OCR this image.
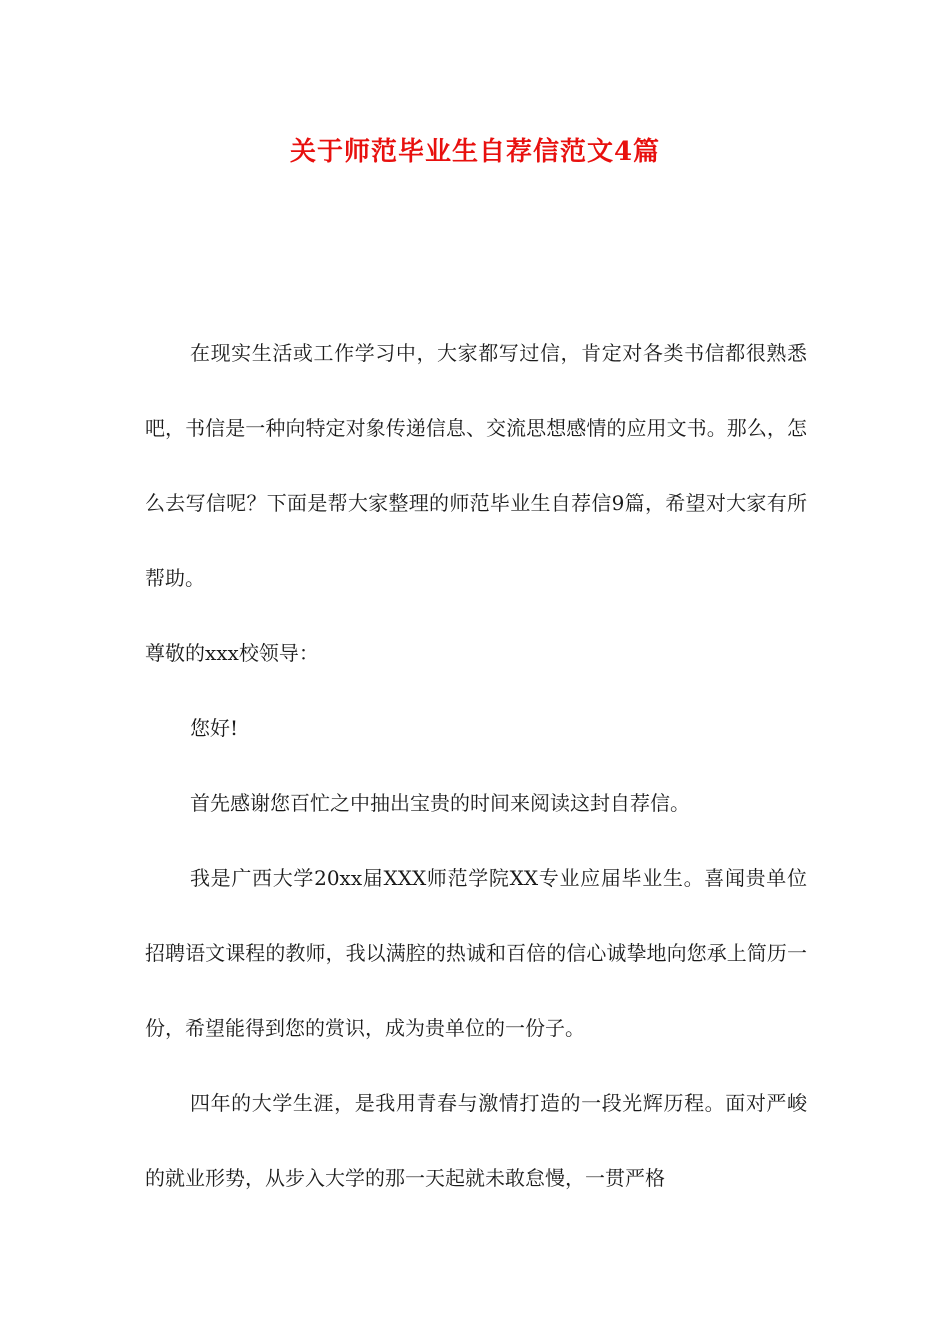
关于师范毕业生自荐信范文4篇

在现实生活或工作学习中，大家都写过信，肯定对各类书信都很熟悉吧，书信是一种向特定对象传递信息、交流思想感情的应用文书。那么，怎么去写信呢？下面是帮大家整理的师范毕业生自荐信9篇，希望对大家有所帮助。

尊敬的xxx校领导：

您好!

首先感谢您百忙之中抽出宝贵的时间来阅读这封自荐信。

我是广西大学20xx届XXX师范学院XX专业应届毕业生。喜闻贵单位招聘语文课程的教师，我以满腔的热诚和百倍的信心诚挚地向您承上简历一份，希望能得到您的赏识，成为贵单位的一份子。

四年的大学生涯，是我用青春与激情打造的一段光辉历程。面对严峻的就业形势，从步入大学的那一天起就未敢怠慢，一贯严格
